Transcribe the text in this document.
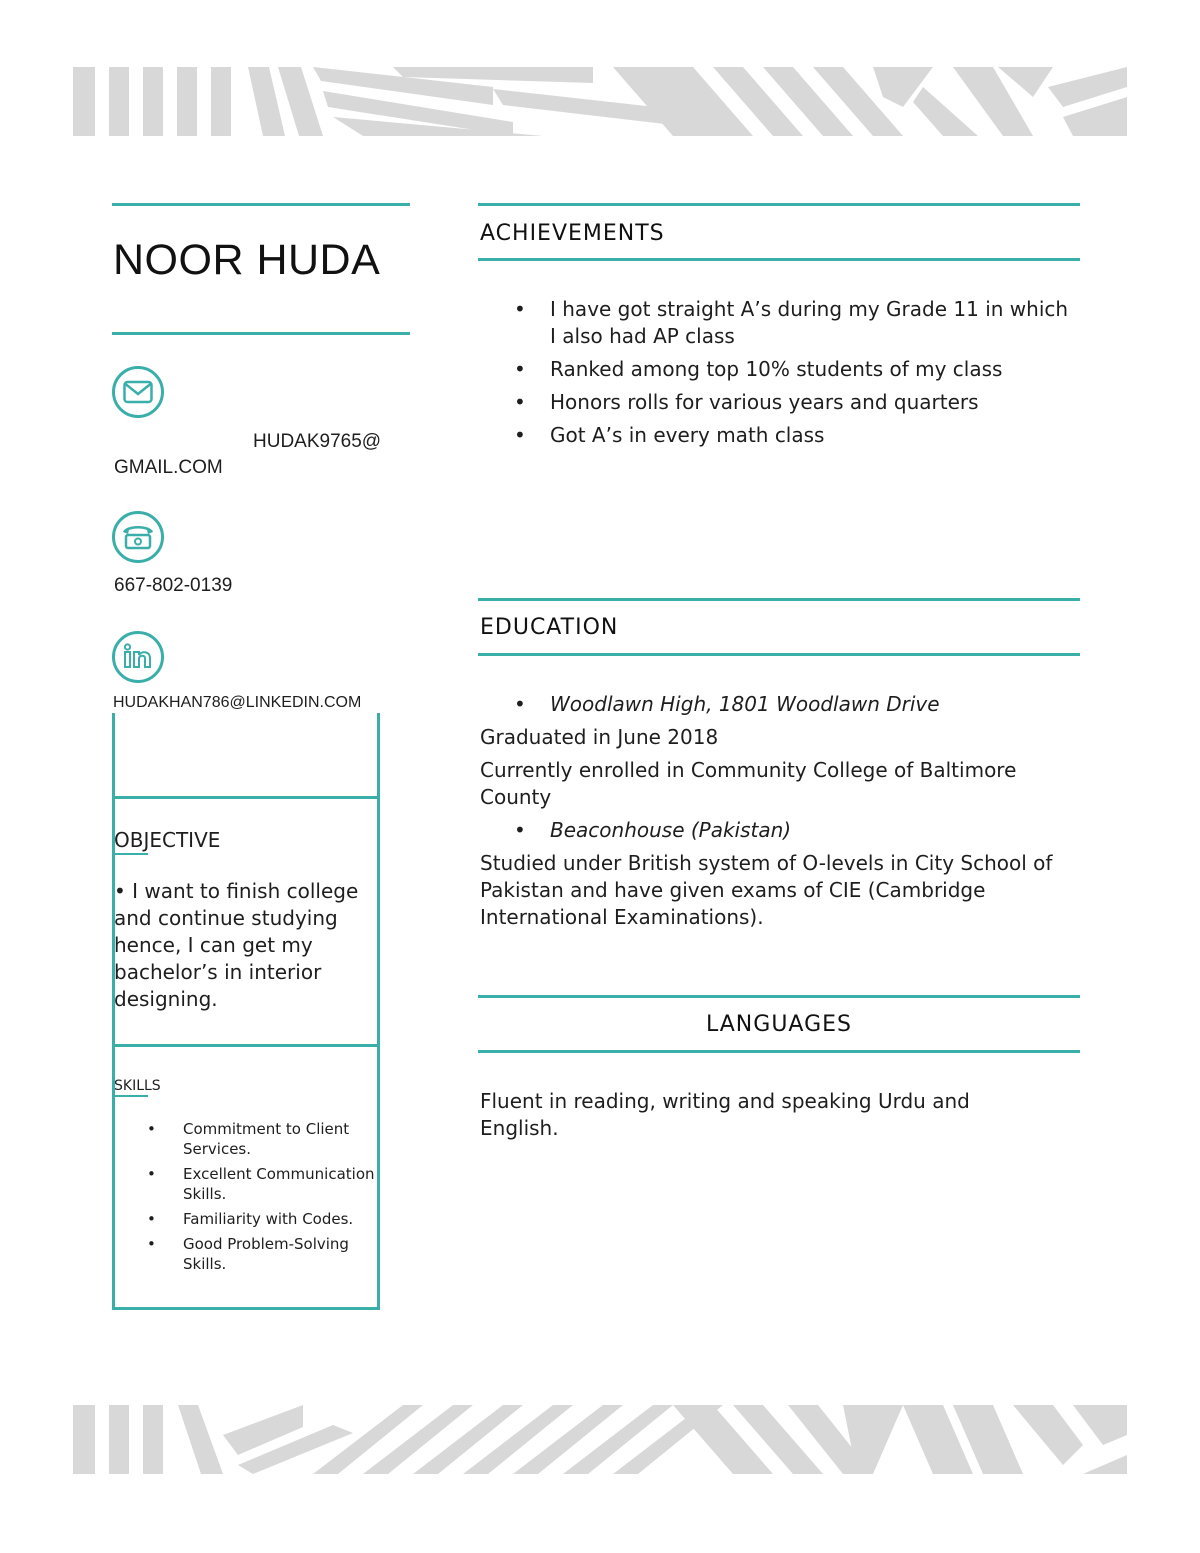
NOOR HUDA
HUDAK9765@
GMAIL.COM
667-802-0139
HUDAKHAN786@LINKEDIN.COM
OBJECTIVE
• I want to finish college and continue studying hence, I can get my bachelor’s in interior designing.
SKILLS
• Commitment to Client Services.
• Excellent Communication Skills.
• Familiarity with Codes.
• Good Problem-Solving Skills.
ACHIEVEMENTS
• I have got straight A’s during my Grade 11 in which I also had AP class
• Ranked among top 10% students of my class
• Honors rolls for various years and quarters
• Got A’s in every math class
EDUCATION
• Woodlawn High, 1801 Woodlawn Drive
Graduated in June 2018
Currently enrolled in Community College of Baltimore County
• Beaconhouse (Pakistan)
Studied under British system of O-levels in City School of Pakistan and have given exams of CIE (Cambridge International Examinations).
LANGUAGES
Fluent in reading, writing and speaking Urdu and English.
